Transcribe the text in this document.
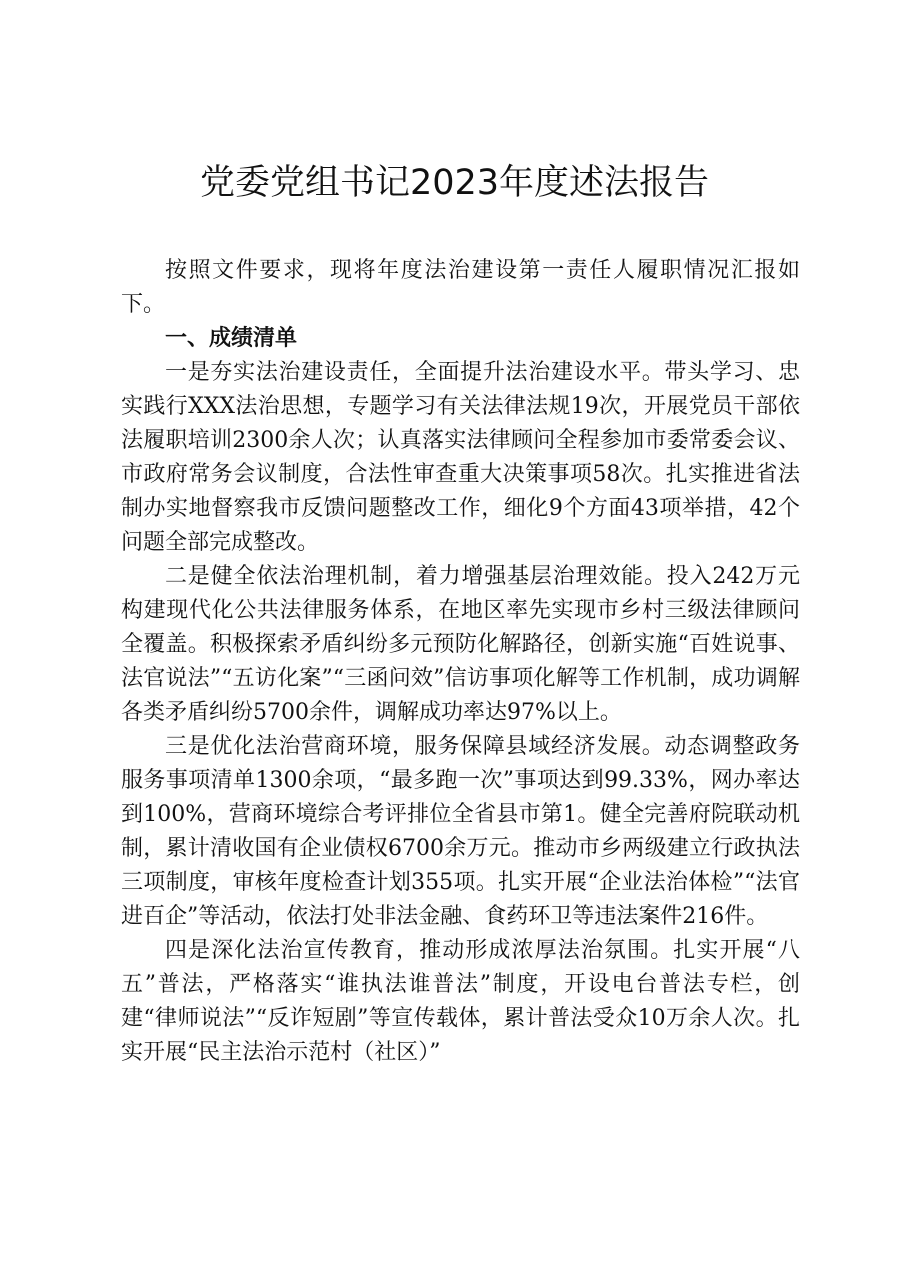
党委党组书记2023年度述法报告

按照文件要求，现将年度法治建设第一责任人履职情况汇报如下。

一、成绩清单

一是夯实法治建设责任，全面提升法治建设水平。带头学习、忠实践行XXX法治思想，专题学习有关法律法规19次，开展党员干部依法履职培训2300余人次；认真落实法律顾问全程参加市委常委会议、市政府常务会议制度，合法性审查重大决策事项58次。扎实推进省法制办实地督察我市反馈问题整改工作，细化9个方面43项举措，42个问题全部完成整改。

二是健全依法治理机制，着力增强基层治理效能。投入242万元构建现代化公共法律服务体系，在地区率先实现市乡村三级法律顾问全覆盖。积极探索矛盾纠纷多元预防化解路径，创新实施“百姓说事、法官说法”“五访化案”“三函问效”信访事项化解等工作机制，成功调解各类矛盾纠纷5700余件，调解成功率达97%以上。

三是优化法治营商环境，服务保障县域经济发展。动态调整政务服务事项清单1300余项，“最多跑一次”事项达到99.33%，网办率达到100%，营商环境综合考评排位全省县市第1。健全完善府院联动机制，累计清收国有企业债权6700余万元。推动市乡两级建立行政执法三项制度，审核年度检查计划355项。扎实开展“企业法治体检”“法官进百企”等活动，依法打处非法金融、食药环卫等违法案件216件。

四是深化法治宣传教育，推动形成浓厚法治氛围。扎实开展“八五”普法，严格落实“谁执法谁普法”制度，开设电台普法专栏，创建“律师说法”“反诈短剧”等宣传载体，累计普法受众10万余人次。扎实开展“民主法治示范村（社区）”
